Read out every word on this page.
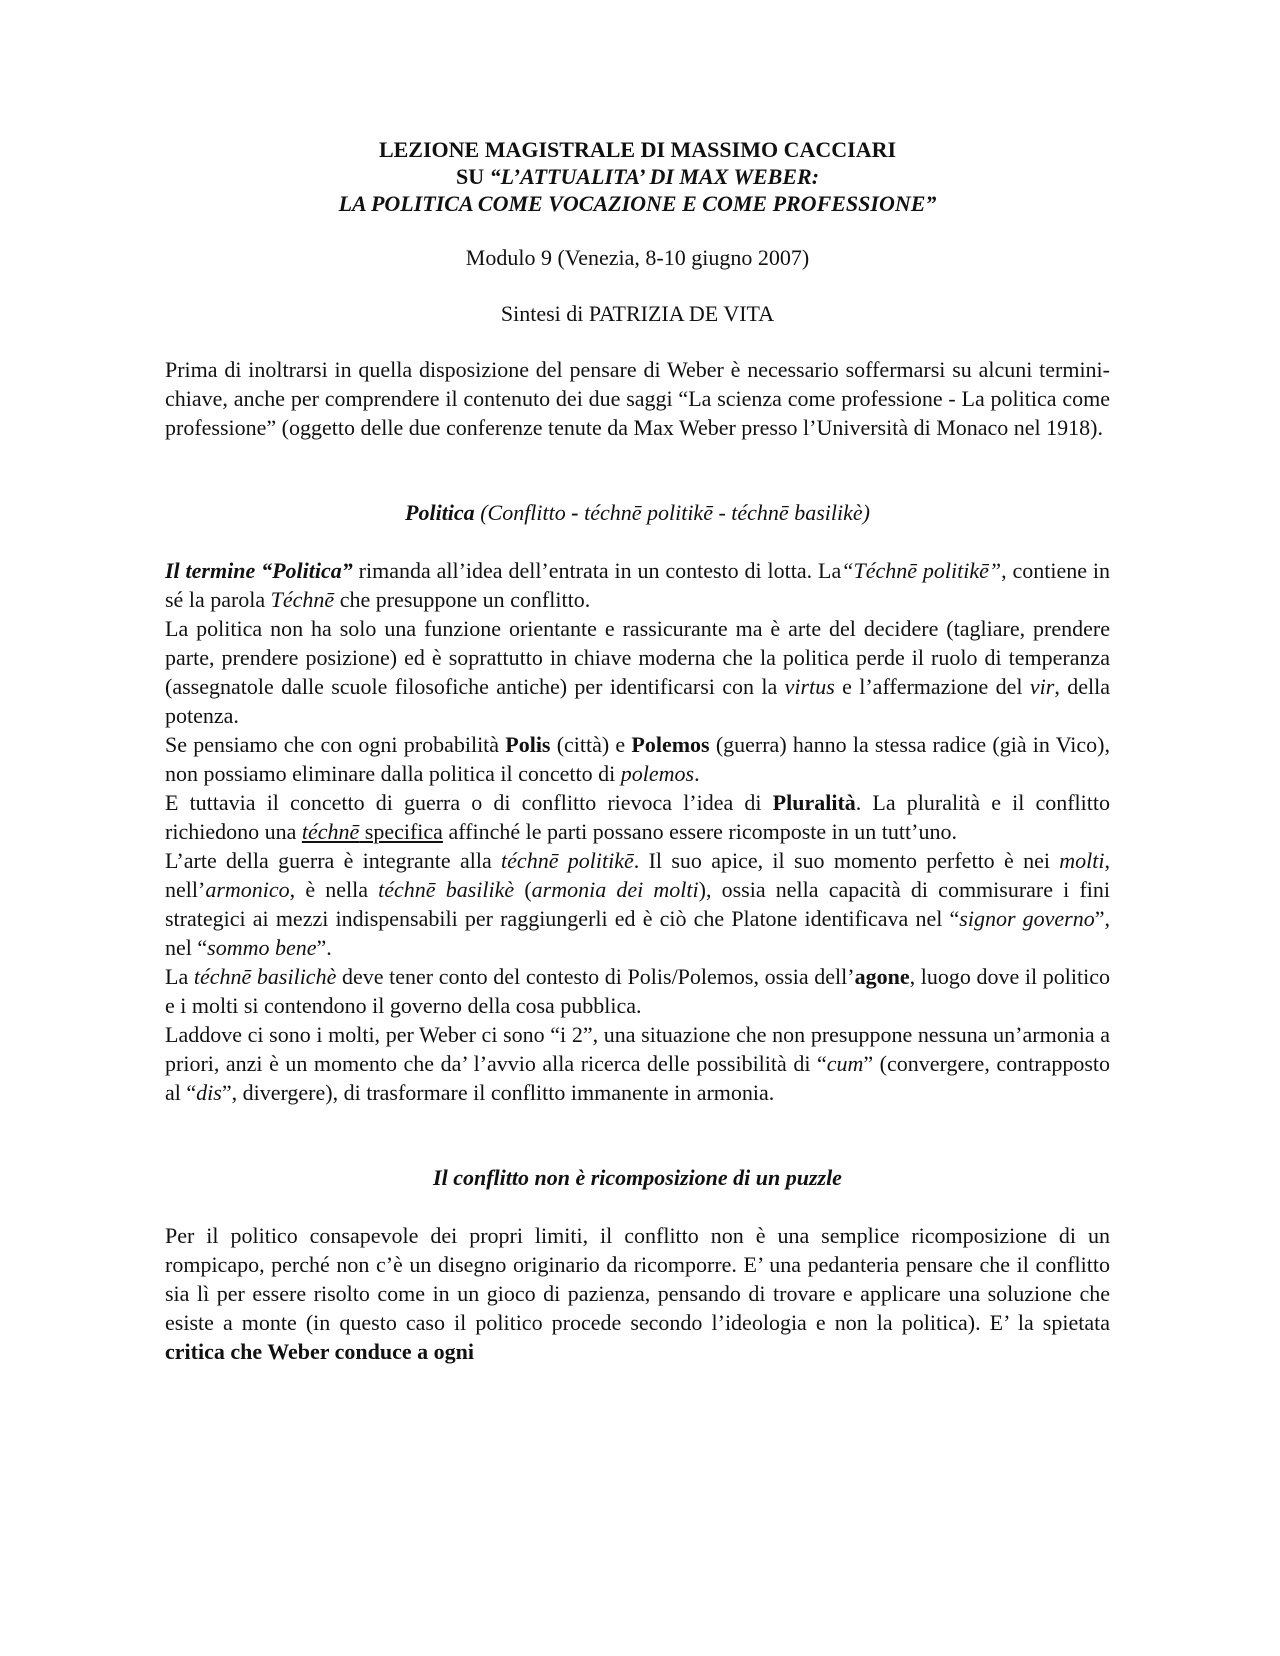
LEZIONE MAGISTRALE DI MASSIMO CACCIARI
SU “L’ATTUALITA’ DI MAX WEBER:
LA POLITICA COME VOCAZIONE E COME PROFESSIONE”
Modulo 9 (Venezia, 8-10 giugno 2007)
Sintesi di PATRIZIA DE VITA

Prima di inoltrarsi in quella disposizione del pensare di Weber è necessario soffermarsi su alcuni termini-chiave, anche per comprendere il contenuto dei due saggi “La scienza come professione - La politica come professione” (oggetto delle due conferenze tenute da Max Weber presso l’Università di Monaco nel 1918).

Politica (Conflitto - téchnē politikē - téchnē basilikè)

Il termine “Politica” rimanda all’idea dell’entrata in un contesto di lotta. La“Téchnē politikē”, contiene in sé la parola Téchnē che presuppone un conflitto.

La politica non ha solo una funzione orientante e rassicurante ma è arte del decidere (tagliare, prendere parte, prendere posizione) ed è soprattutto in chiave moderna che la politica perde il ruolo di temperanza (assegnatole dalle scuole filosofiche antiche) per identificarsi con la virtus e l’affermazione del vir, della potenza.

Se pensiamo che con ogni probabilità Polis (città) e Polemos (guerra) hanno la stessa radice (già in Vico), non possiamo eliminare dalla politica il concetto di polemos.

E tuttavia il concetto di guerra o di conflitto rievoca l’idea di Pluralità. La pluralità e il conflitto richiedono una téchnē specifica affinché le parti possano essere ricomposte in un tutt’uno.

L’arte della guerra è integrante alla téchnē politikē. Il suo apice, il suo momento perfetto è nei molti, nell’armonico, è nella téchnē basilikè (armonia dei molti), ossia nella capacità di commisurare i fini strategici ai mezzi indispensabili per raggiungerli ed è ciò che Platone identificava nel “signor governo”, nel “sommo bene”.

La téchnē basilichè deve tener conto del contesto di Polis/Polemos, ossia dell’agone, luogo dove il politico e i molti si contendono il governo della cosa pubblica.

Laddove ci sono i molti, per Weber ci sono “i 2”, una situazione che non presuppone nessuna un’armonia a priori, anzi è un momento che da’ l’avvio alla ricerca delle possibilità di “cum” (convergere, contrapposto al “dis”, divergere), di trasformare il conflitto immanente in armonia.

Il conflitto non è ricomposizione di un puzzle

Per il politico consapevole dei propri limiti, il conflitto non è una semplice ricomposizione di un rompicapo, perché non c’è un disegno originario da ricomporre. E’ una pedanteria pensare che il conflitto sia lì per essere risolto come in un gioco di pazienza, pensando di trovare e applicare una soluzione che esiste a monte (in questo caso il politico procede secondo l’ideologia e non la politica). E’ la spietata critica che Weber conduce a ogni
